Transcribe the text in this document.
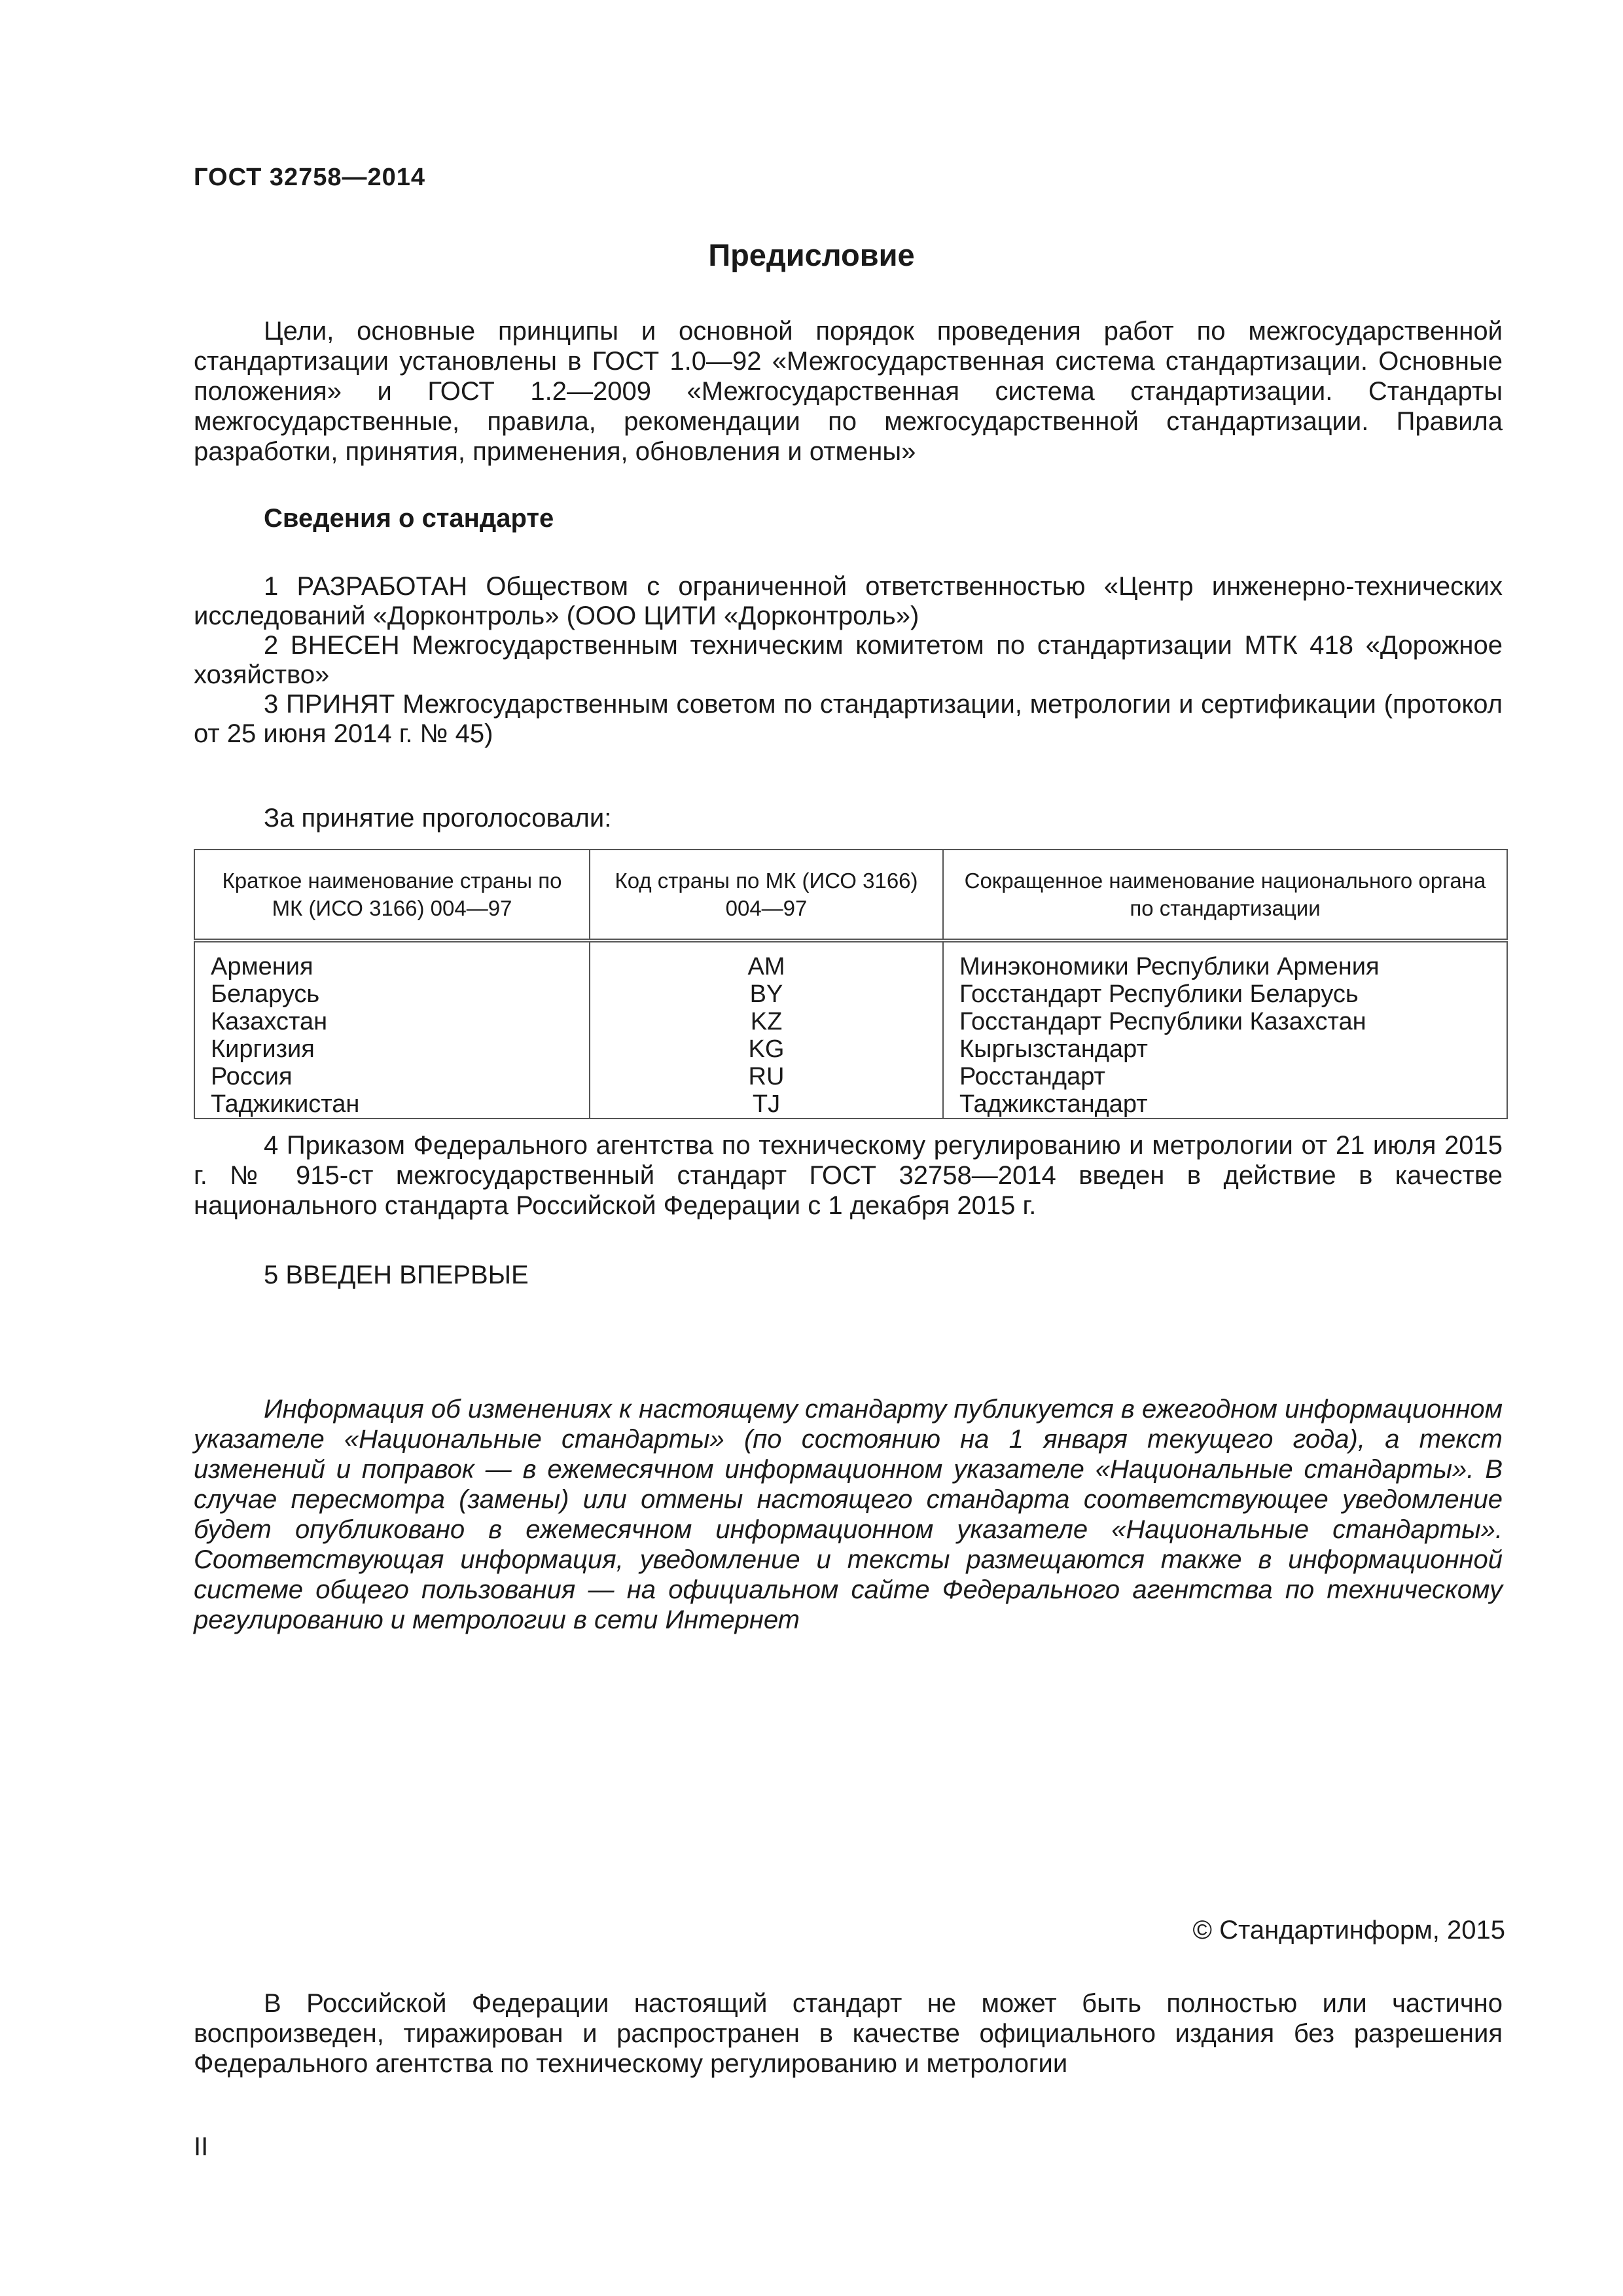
ГОСТ 32758—2014
Предисловие
Цели, основные принципы и основной порядок проведения работ по межгосударственной стандартизации установлены в ГОСТ 1.0—92 «Межгосударственная система стандартизации. Основные положения» и ГОСТ 1.2—2009 «Межгосударственная система стандартизации. Стандарты межгосударственные, правила, рекомендации по межгосударственной стандартизации. Правила разработки, принятия, применения, обновления и отмены»
Сведения о стандарте

1 РАЗРАБОТАН Обществом с ограниченной ответственностью «Центр инженерно-технических исследований «Дорконтроль» (ООО ЦИТИ «Дорконтроль»)

2 ВНЕСЕН Межгосударственным техническим комитетом по стандартизации МТК 418 «Дорожное хозяйство»

3 ПРИНЯТ Межгосударственным советом по стандартизации, метрологии и сертификации (протокол от 25 июня 2014 г. № 45)

За принятие проголосовали:
Краткое наименование страны по МК (ИСО 3166) 004—97	Код страны по МК (ИСО 3166) 004—97	Сокращенное наименование национального органа по стандартизации
Армения	AM	Минэкономики Республики Армения
Беларусь	BY	Госстандарт Республики Беларусь
Казахстан	KZ	Госстандарт Республики Казахстан
Киргизия	KG	Кыргызстандарт
Россия	RU	Росстандарт
Таджикистан	TJ	Таджикстандарт
4 Приказом Федерального агентства по техническому регулированию и метрологии от 21 июля 2015 г. № 915-ст межгосударственный стандарт ГОСТ 32758—2014 введен в действие в качестве национального стандарта Российской Федерации с 1 декабря 2015 г.
5 ВВЕДЕН ВПЕРВЫЕ
Информация об изменениях к настоящему стандарту публикуется в ежегодном информационном указателе «Национальные стандарты» (по состоянию на 1 января текущего года), а текст изменений и поправок — в ежемесячном информационном указателе «Национальные стандарты». В случае пересмотра (замены) или отмены настоящего стандарта соответствующее уведомление будет опубликовано в ежемесячном информационном указателе «Национальные стандарты». Соответствующая информация, уведомление и тексты размещаются также в информационной системе общего пользования — на официальном сайте Федерального агентства по техническому регулированию и метрологии в сети Интернет
© Стандартинформ, 2015
В Российской Федерации настоящий стандарт не может быть полностью или частично воспроизведен, тиражирован и распространен в качестве официального издания без разрешения Федерального агентства по техническому регулированию и метрологии
II
